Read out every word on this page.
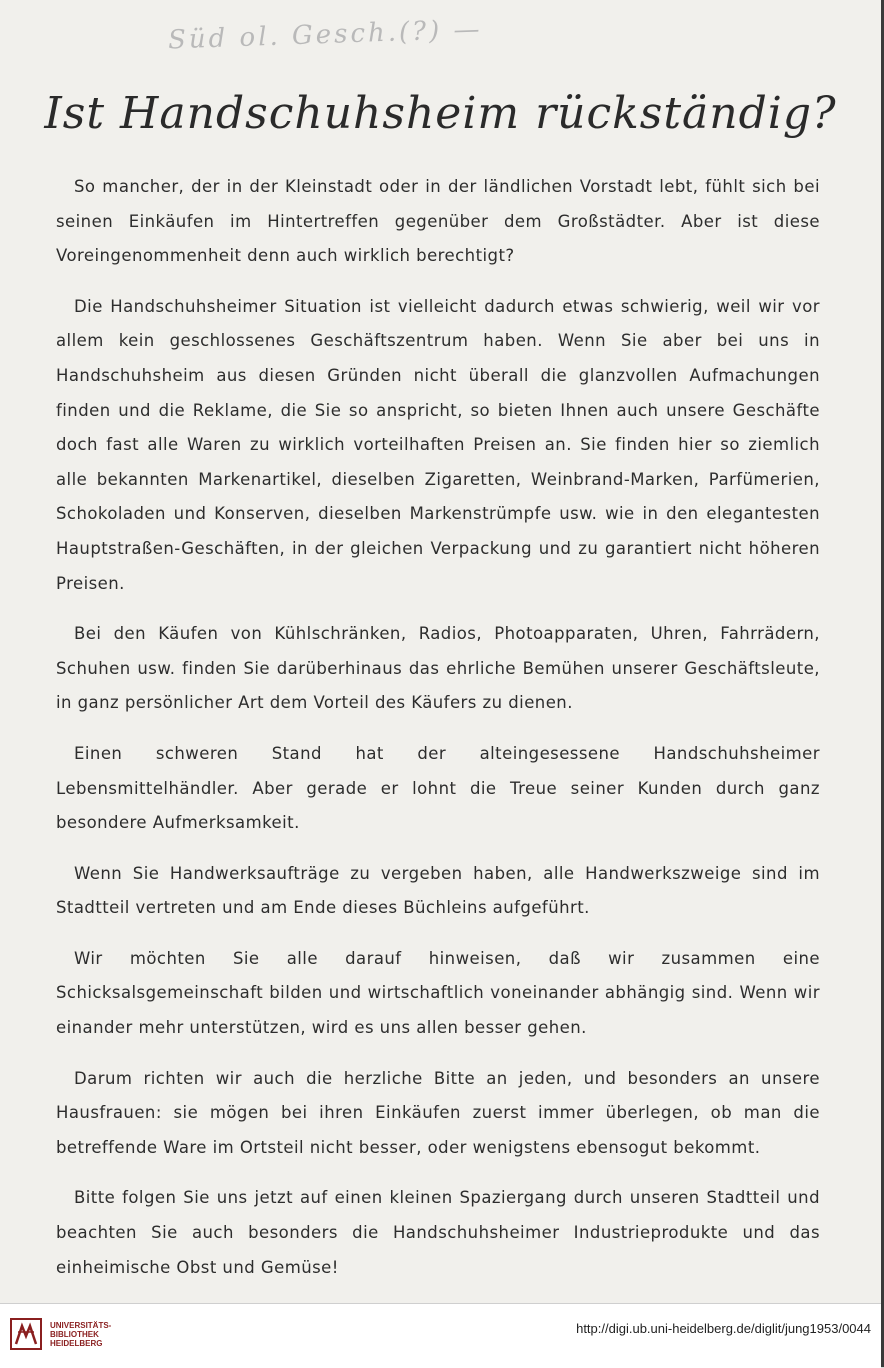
Süd ol. Gesch.(?) —
Ist Handschuhsheim rückständig?

So mancher, der in der Kleinstadt oder in der ländlichen Vorstadt lebt, fühlt sich bei seinen Einkäufen im Hintertreffen gegenüber dem Großstädter. Aber ist diese Voreingenommenheit denn auch wirklich berechtigt?

Die Handschuhsheimer Situation ist vielleicht dadurch etwas schwierig, weil wir vor allem kein geschlossenes Geschäftszentrum haben. Wenn Sie aber bei uns in Handschuhsheim aus diesen Gründen nicht überall die glanzvollen Aufmachungen finden und die Reklame, die Sie so anspricht, so bieten Ihnen auch unsere Geschäfte doch fast alle Waren zu wirklich vorteilhaften Preisen an. Sie finden hier so ziemlich alle bekannten Markenartikel, dieselben Zigaretten, Weinbrand-Marken, Parfümerien, Schokoladen und Konserven, dieselben Markenstrümpfe usw. wie in den elegantesten Hauptstraßen-Geschäften, in der gleichen Verpackung und zu garantiert nicht höheren Preisen.

Bei den Käufen von Kühlschränken, Radios, Photoapparaten, Uhren, Fahrrädern, Schuhen usw. finden Sie darüberhinaus das ehrliche Bemühen unserer Geschäftsleute, in ganz persönlicher Art dem Vorteil des Käufers zu dienen.

Einen schweren Stand hat der alteingesessene Handschuhsheimer Lebensmittelhändler. Aber gerade er lohnt die Treue seiner Kunden durch ganz besondere Aufmerksamkeit.

Wenn Sie Handwerksaufträge zu vergeben haben, alle Handwerkszweige sind im Stadtteil vertreten und am Ende dieses Büchleins aufgeführt.

Wir möchten Sie alle darauf hinweisen, daß wir zusammen eine Schicksalsgemeinschaft bilden und wirtschaftlich voneinander abhängig sind. Wenn wir einander mehr unterstützen, wird es uns allen besser gehen.

Darum richten wir auch die herzliche Bitte an jeden, und besonders an unsere Hausfrauen: sie mögen bei ihren Einkäufen zuerst immer überlegen, ob man die betreffende Ware im Ortsteil nicht besser, oder wenigstens ebensogut bekommt.

Bitte folgen Sie uns jetzt auf einen kleinen Spaziergang durch unseren Stadtteil und beachten Sie auch besonders die Handschuhsheimer Industrieprodukte und das einheimische Obst und Gemüse!

UNIVERSITÄTS-
BIBLIOTHEK
HEIDELBERG
http://digi.ub.uni-heidelberg.de/diglit/jung1953/0044
